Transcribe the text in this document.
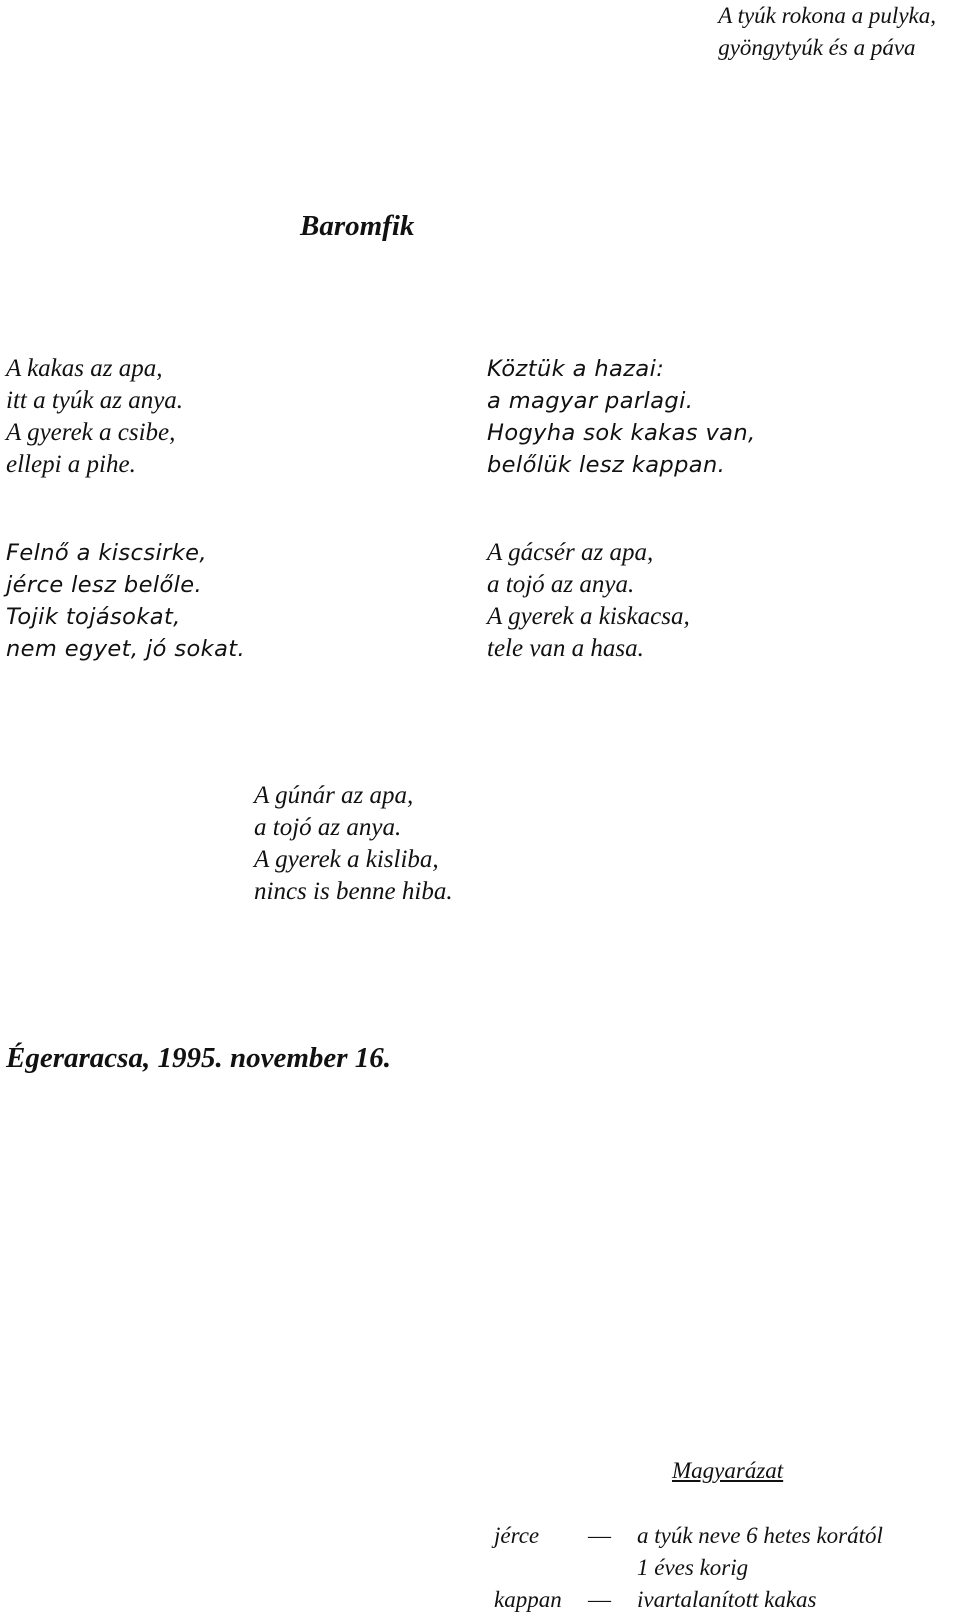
A tyúk rokona a pulyka,
gyöngytyúk és a páva
Baromfik
A kakas az apa,
itt a tyúk az anya.
A gyerek a csibe,
ellepi a pihe.
Felnő a kiscsirke,
jérce lesz belőle.
Tojik tojásokat,
nem egyet, jó sokat.
Köztük a hazai:
a magyar parlagi.
Hogyha sok kakas van,
belőlük lesz kappan.
A gácsér az apa,
a tojó az anya.
A gyerek a kiskacsa,
tele van a hasa.
A gúnár az apa,
a tojó az anya.
A gyerek a kisliba,
nincs is benne hiba.
Égeraracsa, 1995. november 16.
Magyarázat
jérce — a tyúk neve 6 hetes korától
1 éves korig
kappan — ivartalanított kakas
